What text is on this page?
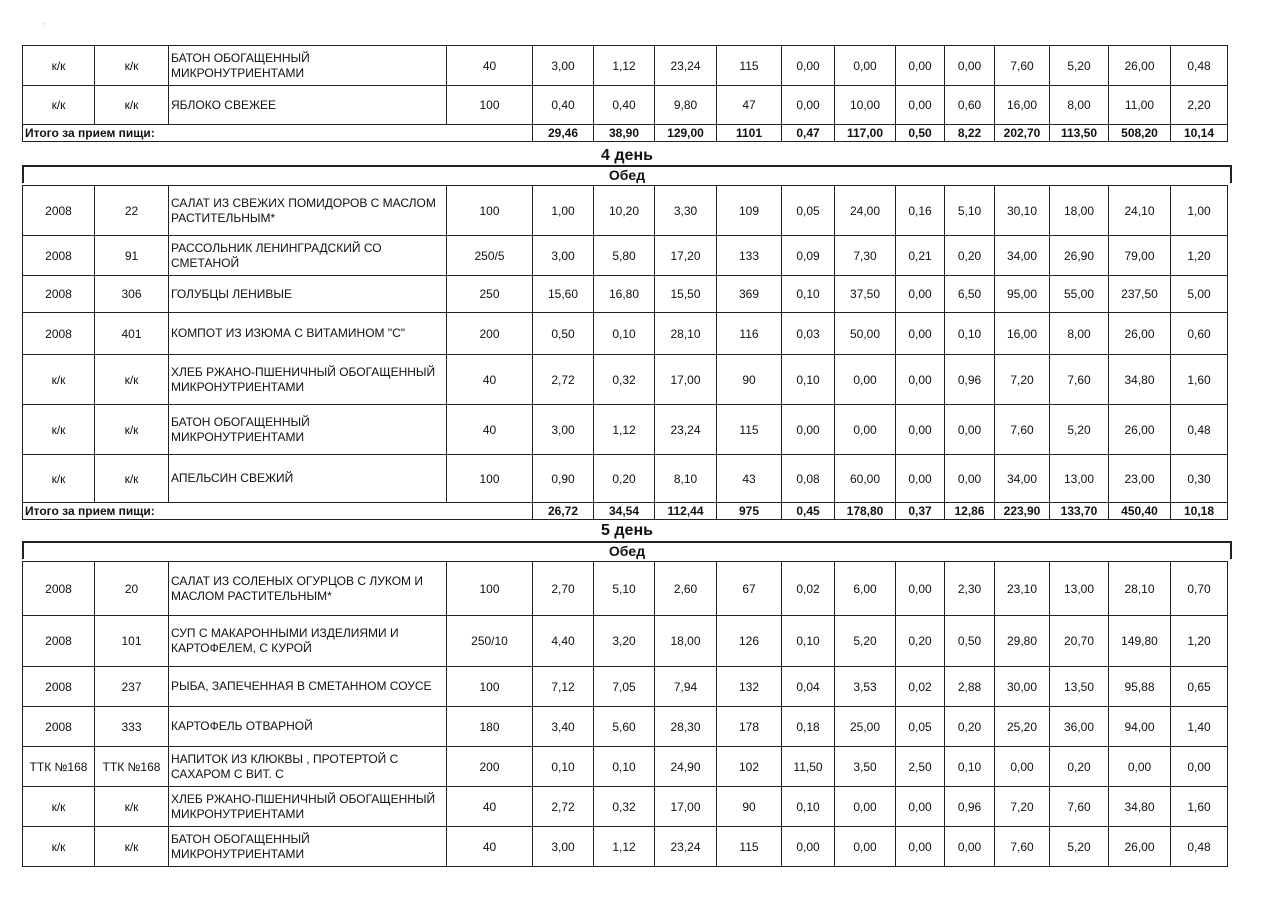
'
к/к	к/к	БАТОН ОБОГАЩЕННЫЙ МИКРОНУТРИЕНТАМИ	40	3,00	1,12	23,24	115	0,00	0,00	0,00	0,00	7,60	5,20	26,00	0,48
к/к	к/к	ЯБЛОКО СВЕЖЕЕ	100	0,40	0,40	9,80	47	0,00	10,00	0,00	0,60	16,00	8,00	11,00	2,20
Итого за прием пищи:				29,46	38,90	129,00	1101	0,47	117,00	0,50	8,22	202,70	113,50	508,20	10,14
4 день
Обед
2008	22	САЛАТ ИЗ СВЕЖИХ ПОМИДОРОВ С МАСЛОМ РАСТИТЕЛЬНЫМ*	100	1,00	10,20	3,30	109	0,05	24,00	0,16	5,10	30,10	18,00	24,10	1,00
2008	91	РАССОЛЬНИК ЛЕНИНГРАДСКИЙ СО СМЕТАНОЙ	250/5	3,00	5,80	17,20	133	0,09	7,30	0,21	0,20	34,00	26,90	79,00	1,20
2008	306	ГОЛУБЦЫ ЛЕНИВЫЕ	250	15,60	16,80	15,50	369	0,10	37,50	0,00	6,50	95,00	55,00	237,50	5,00
2008	401	КОМПОТ ИЗ ИЗЮМА С ВИТАМИНОМ "С"	200	0,50	0,10	28,10	116	0,03	50,00	0,00	0,10	16,00	8,00	26,00	0,60
к/к	к/к	ХЛЕБ РЖАНО-ПШЕНИЧНЫЙ ОБОГАЩЕННЫЙ МИКРОНУТРИЕНТАМИ	40	2,72	0,32	17,00	90	0,10	0,00	0,00	0,96	7,20	7,60	34,80	1,60
к/к	к/к	БАТОН ОБОГАЩЕННЫЙ МИКРОНУТРИЕНТАМИ	40	3,00	1,12	23,24	115	0,00	0,00	0,00	0,00	7,60	5,20	26,00	0,48
к/к	к/к	АПЕЛЬСИН СВЕЖИЙ	100	0,90	0,20	8,10	43	0,08	60,00	0,00	0,00	34,00	13,00	23,00	0,30
Итого за прием пищи:				26,72	34,54	112,44	975	0,45	178,80	0,37	12,86	223,90	133,70	450,40	10,18
5 день
Обед
2008	20	САЛАТ ИЗ СОЛЕНЫХ ОГУРЦОВ С ЛУКОМ И МАСЛОМ РАСТИТЕЛЬНЫМ*	100	2,70	5,10	2,60	67	0,02	6,00	0,00	2,30	23,10	13,00	28,10	0,70
2008	101	СУП С МАКАРОННЫМИ ИЗДЕЛИЯМИ И КАРТОФЕЛЕМ, С КУРОЙ	250/10	4,40	3,20	18,00	126	0,10	5,20	0,20	0,50	29,80	20,70	149,80	1,20
2008	237	РЫБА, ЗАПЕЧЕННАЯ В СМЕТАННОМ СОУСЕ	100	7,12	7,05	7,94	132	0,04	3,53	0,02	2,88	30,00	13,50	95,88	0,65
2008	333	КАРТОФЕЛЬ ОТВАРНОЙ	180	3,40	5,60	28,30	178	0,18	25,00	0,05	0,20	25,20	36,00	94,00	1,40
ТТК №168	ТТК №168	НАПИТОК ИЗ КЛЮКВЫ , ПРОТЕРТОЙ С САХАРОМ С ВИТ. С	200	0,10	0,10	24,90	102	11,50	3,50	2,50	0,10	0,00	0,20	0,00	0,00
к/к	к/к	ХЛЕБ РЖАНО-ПШЕНИЧНЫЙ ОБОГАЩЕННЫЙ МИКРОНУТРИЕНТАМИ	40	2,72	0,32	17,00	90	0,10	0,00	0,00	0,96	7,20	7,60	34,80	1,60
к/к	к/к	БАТОН ОБОГАЩЕННЫЙ МИКРОНУТРИЕНТАМИ	40	3,00	1,12	23,24	115	0,00	0,00	0,00	0,00	7,60	5,20	26,00	0,48
